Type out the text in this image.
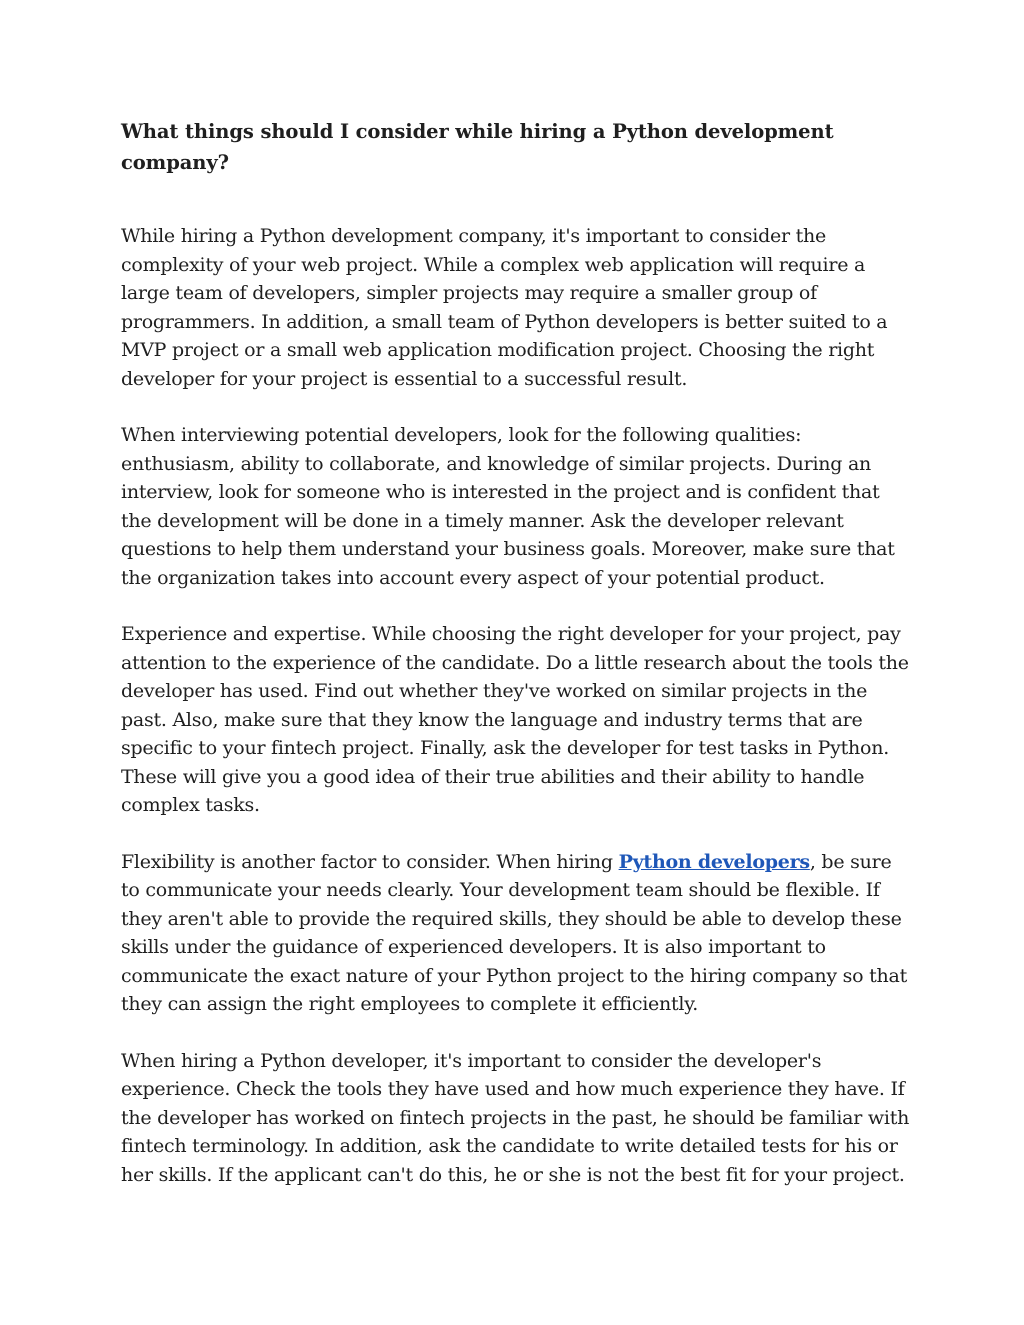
What things should I consider while hiring a Python development company?

While hiring a Python development company, it's important to consider the complexity of your web project. While a complex web application will require a large team of developers, simpler projects may require a smaller group of programmers. In addition, a small team of Python developers is better suited to a MVP project or a small web application modification project. Choosing the right developer for your project is essential to a successful result.

When interviewing potential developers, look for the following qualities: enthusiasm, ability to collaborate, and knowledge of similar projects. During an interview, look for someone who is interested in the project and is confident that the development will be done in a timely manner. Ask the developer relevant questions to help them understand your business goals. Moreover, make sure that the organization takes into account every aspect of your potential product.

Experience and expertise. While choosing the right developer for your project, pay attention to the experience of the candidate. Do a little research about the tools the developer has used. Find out whether they've worked on similar projects in the past. Also, make sure that they know the language and industry terms that are specific to your fintech project. Finally, ask the developer for test tasks in Python. These will give you a good idea of their true abilities and their ability to handle complex tasks.

Flexibility is another factor to consider. When hiring Python developers, be sure to communicate your needs clearly. Your development team should be flexible. If they aren't able to provide the required skills, they should be able to develop these skills under the guidance of experienced developers. It is also important to communicate the exact nature of your Python project to the hiring company so that they can assign the right employees to complete it efficiently.

When hiring a Python developer, it's important to consider the developer's experience. Check the tools they have used and how much experience they have. If the developer has worked on fintech projects in the past, he should be familiar with fintech terminology. In addition, ask the candidate to write detailed tests for his or her skills. If the applicant can't do this, he or she is not the best fit for your project.
